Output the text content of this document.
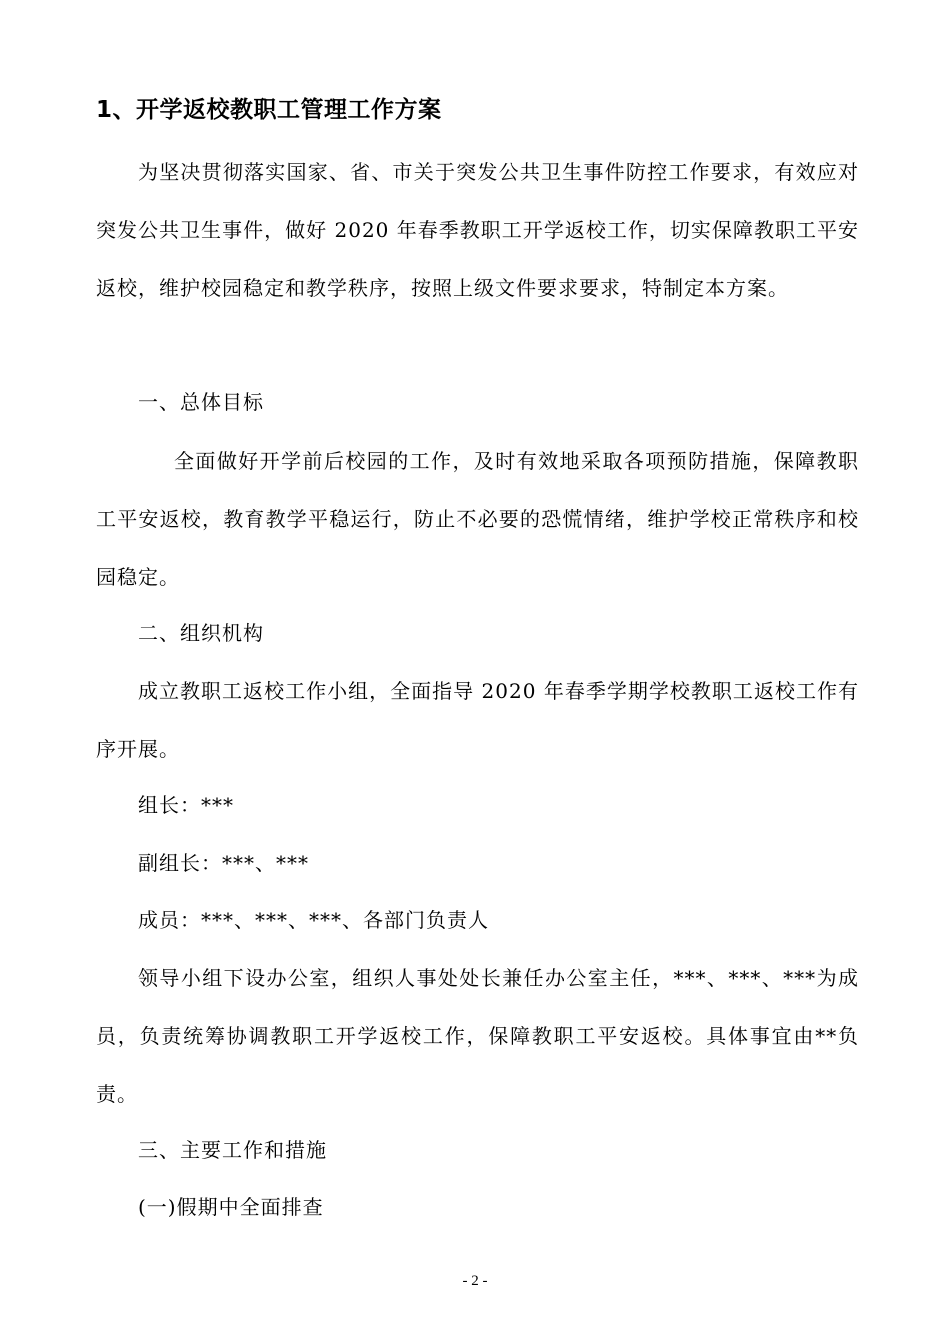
1、开学返校教职工管理工作方案

为坚决贯彻落实国家、省、市关于突发公共卫生事件防控工作要求，有效应对突发公共卫生事件，做好 2020 年春季教职工开学返校工作，切实保障教职工平安返校，维护校园稳定和教学秩序，按照上级文件要求要求，特制定本方案。

一、总体目标

全面做好开学前后校园的工作，及时有效地采取各项预防措施，保障教职工平安返校，教育教学平稳运行，防止不必要的恐慌情绪，维护学校正常秩序和校园稳定。

二、组织机构

成立教职工返校工作小组，全面指导 2020 年春季学期学校教职工返校工作有序开展。

组长：***

副组长：***、***

成员：***、***、***、各部门负责人

领导小组下设办公室，组织人事处处长兼任办公室主任，***、***、***为成员，负责统筹协调教职工开学返校工作，保障教职工平安返校。具体事宜由**负责。

三、主要工作和措施

(一)假期中全面排查

- 2 -
